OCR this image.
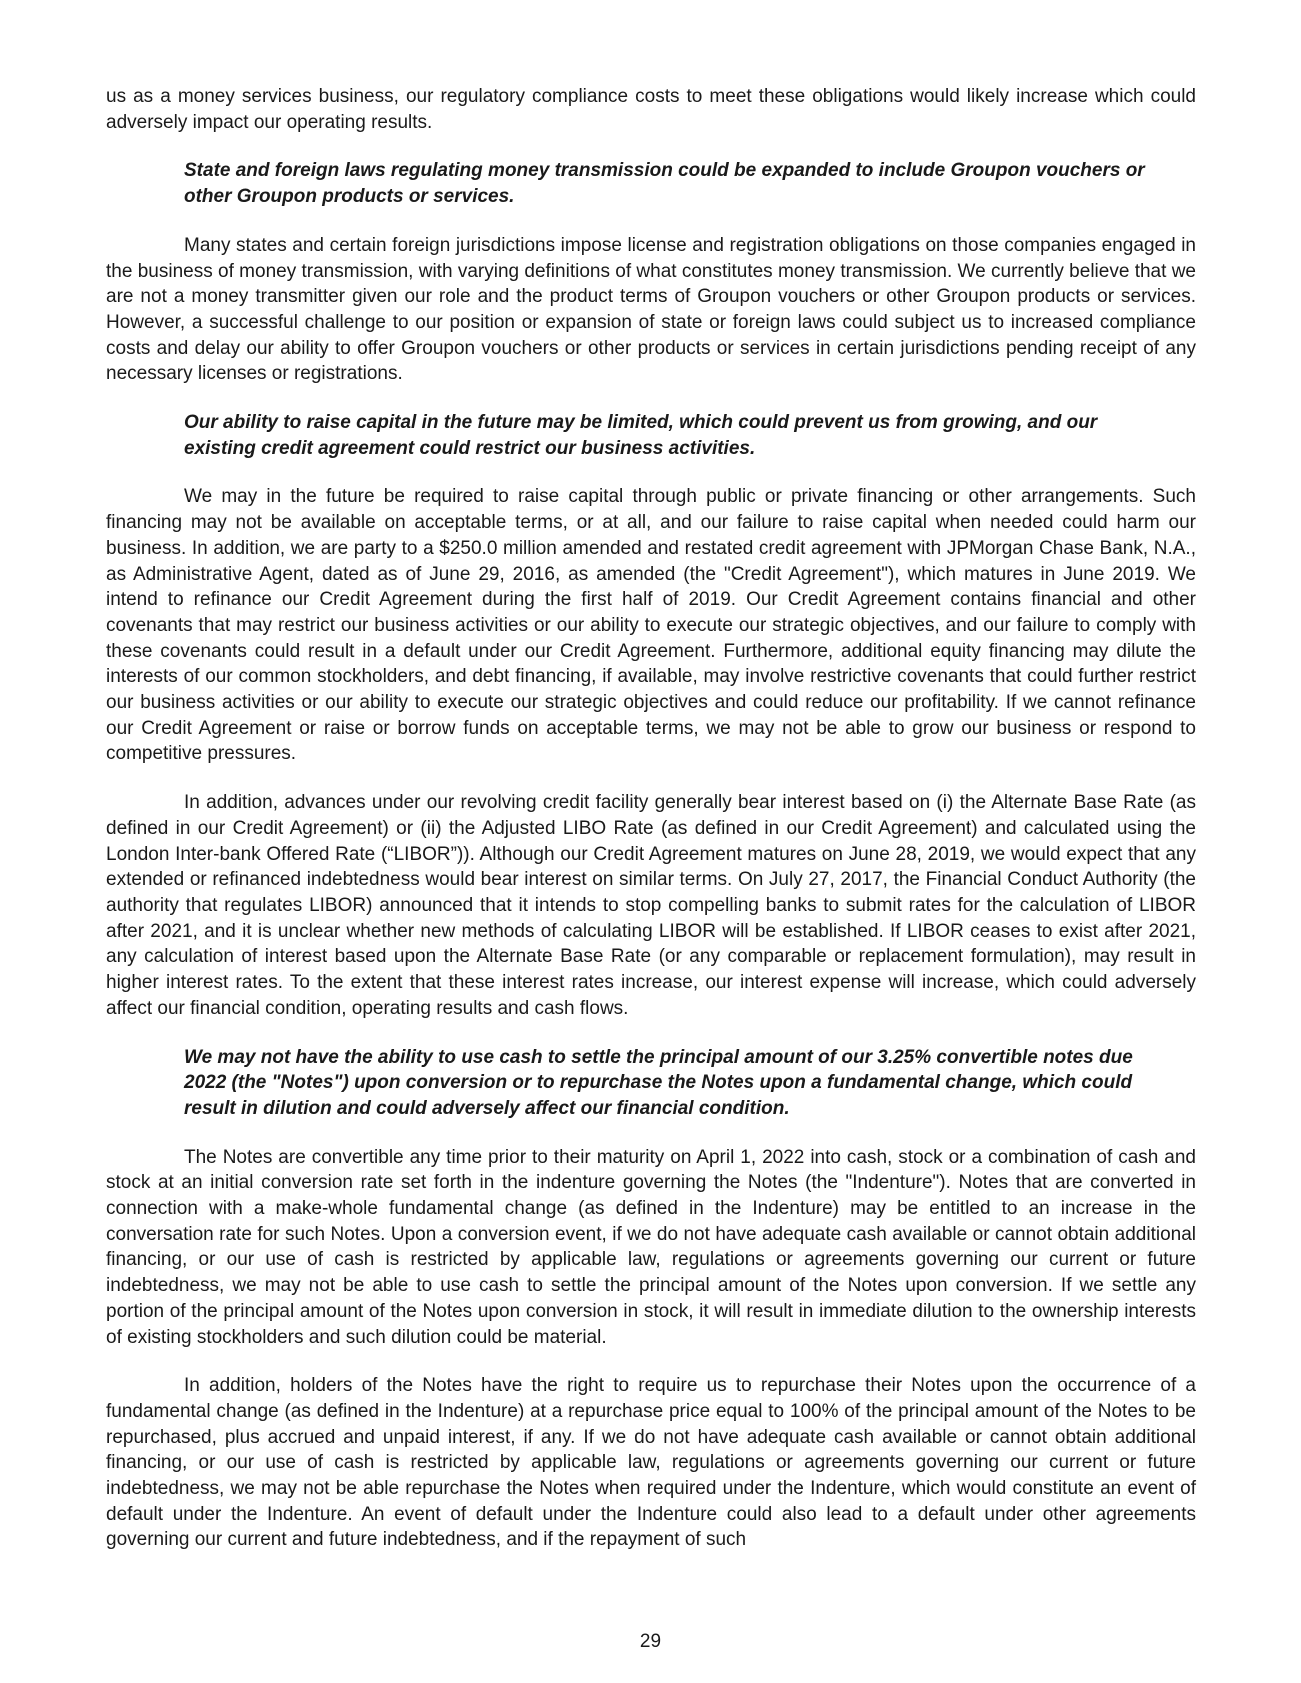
us as a money services business, our regulatory compliance costs to meet these obligations would likely increase which could adversely impact our operating results.

State and foreign laws regulating money transmission could be expanded to include Groupon vouchers or other Groupon products or services.

Many states and certain foreign jurisdictions impose license and registration obligations on those companies engaged in the business of money transmission, with varying definitions of what constitutes money transmission. We currently believe that we are not a money transmitter given our role and the product terms of Groupon vouchers or other Groupon products or services. However, a successful challenge to our position or expansion of state or foreign laws could subject us to increased compliance costs and delay our ability to offer Groupon vouchers or other products or services in certain jurisdictions pending receipt of any necessary licenses or registrations.

Our ability to raise capital in the future may be limited, which could prevent us from growing, and our existing credit agreement could restrict our business activities.

We may in the future be required to raise capital through public or private financing or other arrangements. Such financing may not be available on acceptable terms, or at all, and our failure to raise capital when needed could harm our business. In addition, we are party to a $250.0 million amended and restated credit agreement with JPMorgan Chase Bank, N.A., as Administrative Agent, dated as of June 29, 2016, as amended (the "Credit Agreement"), which matures in June 2019. We intend to refinance our Credit Agreement during the first half of 2019. Our Credit Agreement contains financial and other covenants that may restrict our business activities or our ability to execute our strategic objectives, and our failure to comply with these covenants could result in a default under our Credit Agreement. Furthermore, additional equity financing may dilute the interests of our common stockholders, and debt financing, if available, may involve restrictive covenants that could further restrict our business activities or our ability to execute our strategic objectives and could reduce our profitability. If we cannot refinance our Credit Agreement or raise or borrow funds on acceptable terms, we may not be able to grow our business or respond to competitive pressures.

In addition, advances under our revolving credit facility generally bear interest based on (i) the Alternate Base Rate (as defined in our Credit Agreement) or (ii) the Adjusted LIBO Rate (as defined in our Credit Agreement) and calculated using the London Inter-bank Offered Rate (“LIBOR”)). Although our Credit Agreement matures on June 28, 2019, we would expect that any extended or refinanced indebtedness would bear interest on similar terms. On July 27, 2017, the Financial Conduct Authority (the authority that regulates LIBOR) announced that it intends to stop compelling banks to submit rates for the calculation of LIBOR after 2021, and it is unclear whether new methods of calculating LIBOR will be established. If LIBOR ceases to exist after 2021, any calculation of interest based upon the Alternate Base Rate (or any comparable or replacement formulation), may result in higher interest rates. To the extent that these interest rates increase, our interest expense will increase, which could adversely affect our financial condition, operating results and cash flows.

We may not have the ability to use cash to settle the principal amount of our 3.25% convertible notes due 2022 (the "Notes") upon conversion or to repurchase the Notes upon a fundamental change, which could result in dilution and could adversely affect our financial condition.

The Notes are convertible any time prior to their maturity on April 1, 2022 into cash, stock or a combination of cash and stock at an initial conversion rate set forth in the indenture governing the Notes (the "Indenture"). Notes that are converted in connection with a make-whole fundamental change (as defined in the Indenture) may be entitled to an increase in the conversation rate for such Notes. Upon a conversion event, if we do not have adequate cash available or cannot obtain additional financing, or our use of cash is restricted by applicable law, regulations or agreements governing our current or future indebtedness, we may not be able to use cash to settle the principal amount of the Notes upon conversion. If we settle any portion of the principal amount of the Notes upon conversion in stock, it will result in immediate dilution to the ownership interests of existing stockholders and such dilution could be material.

In addition, holders of the Notes have the right to require us to repurchase their Notes upon the occurrence of a fundamental change (as defined in the Indenture) at a repurchase price equal to 100% of the principal amount of the Notes to be repurchased, plus accrued and unpaid interest, if any. If we do not have adequate cash available or cannot obtain additional financing, or our use of cash is restricted by applicable law, regulations or agreements governing our current or future indebtedness, we may not be able repurchase the Notes when required under the Indenture, which would constitute an event of default under the Indenture. An event of default under the Indenture could also lead to a default under other agreements governing our current and future indebtedness, and if the repayment of such

29
